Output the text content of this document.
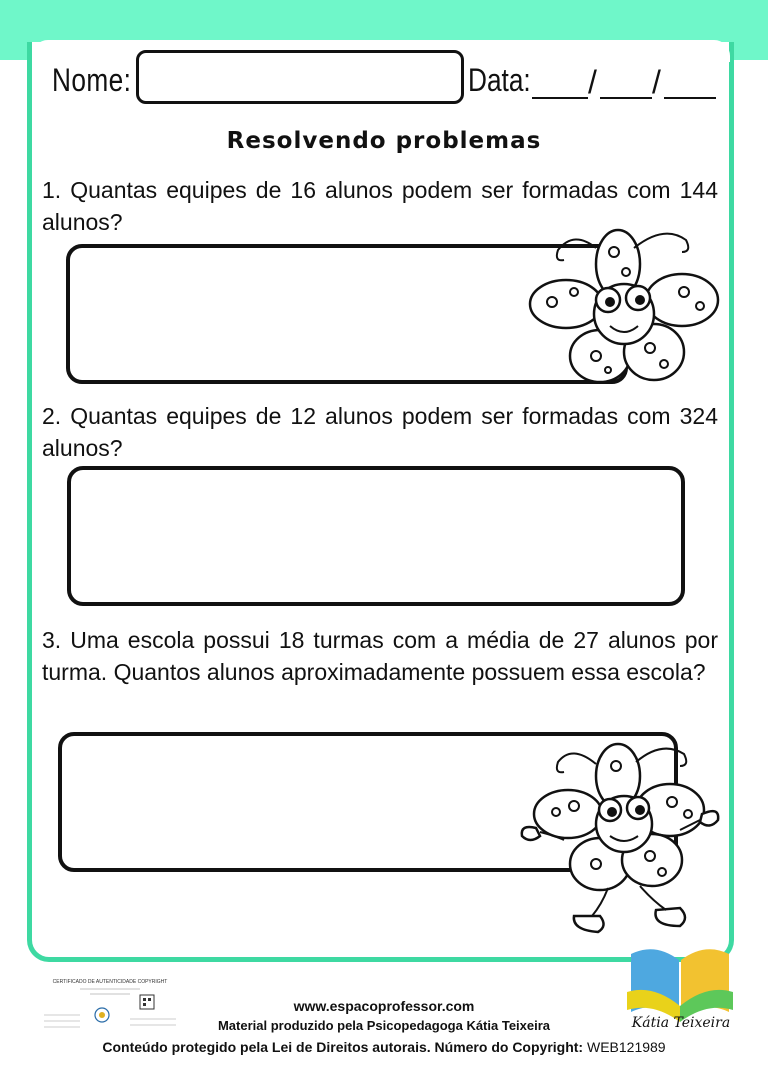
Nome:	Data: / /
Resolvendo problemas
1. Quantas equipes de 16 alunos podem ser formadas com 144 alunos?
2. Quantas equipes de 12 alunos podem ser formadas com 324 alunos?
3. Uma escola possui 18 turmas com a média de 27 alunos por turma. Quantos alunos aproximadamente possuem essa escola?
CERTIFICADO DE AUTENTICIDADE COPYRIGHT
www.espacoprofessor.com
Material produzido pela Psicopedagoga Kátia Teixeira
Conteúdo protegido pela Lei de Direitos autorais. Número do Copyright: WEB121989
Kátia Teixeira
